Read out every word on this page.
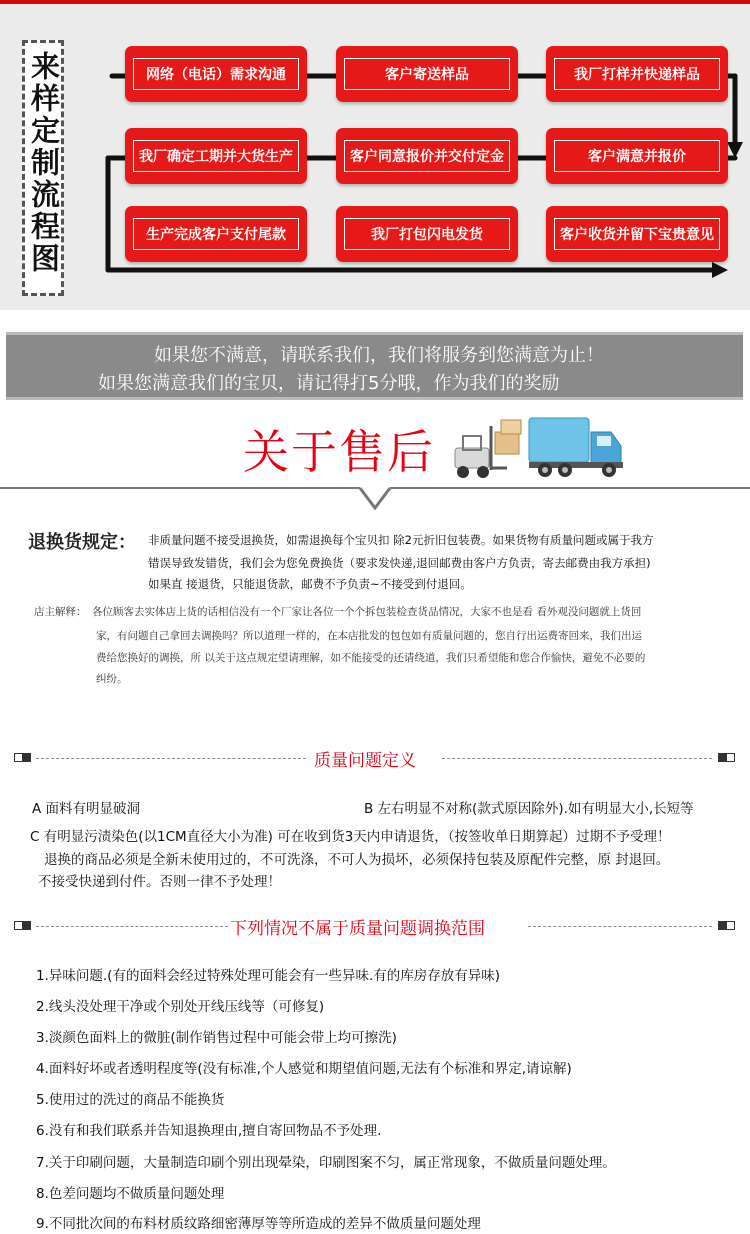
来样定制流程图	网络（电话）需求沟通	客户寄送样品	我厂打样并快递样品
我厂确定工期并大货生产	客户同意报价并交付定金	客户满意并报价
生产完成客户支付尾款	我厂打包闪电发货	客户收货并留下宝贵意见
如果您不满意，请联系我们，我们将服务到您满意为止！
如果您满意我们的宝贝，请记得打5分哦，作为我们的奖励
关于售后
退换货规定： 非质量问题不接受退换货，如需退换每个宝贝扣 除2元折旧包装费。如果货物有质量问题或属于我方
错误导致发错货，我们会为您免费换货（要求发快递,退回邮费由客户方负责，寄去邮费由我方承担)
如果直 接退货，只能退货款，邮费不予负责~不接受到付退回。
店主解释： 各位顾客去实体店上货的话相信没有一个厂家让各位一个个拆包装检查货品情况，大家不也是看 看外观没问题就上货回
家，有问题自己拿回去调换吗？所以道理一样的，在本店批发的包包如有质量问题的，您自行出运费寄回来，我们出运
费给您换好的调换，所 以关于这点规定望请理解，如不能接受的还请绕道，我们只希望能和您合作愉快，避免不必要的
纠纷。
质量问题定义
A 面料有明显破洞	B 左右明显不对称(款式原因除外).如有明显大小,长短等
C 有明显污渍染色(以1CM直径大小为准) 可在收到货3天内申请退货，（按签收单日期算起）过期不予受理！
退换的商品必须是全新未使用过的，不可洗涤，不可人为损坏，必须保持包装及原配件完整，原 封退回。
不接受快递到付件。否则一律不予处理！
下列情况不属于质量问题调换范围
1.异味问题.(有的面料会经过特殊处理可能会有一些异味.有的库房存放有异味)
2.线头没处理干净或个别处开线压线等（可修复)
3.淡颜色面料上的微脏(制作销售过程中可能会带上均可擦洗)
4.面料好坏或者透明程度等(没有标准,个人感觉和期望值问题,无法有个标准和界定,请谅解)
5.使用过的洗过的商品不能换货
6.没有和我们联系并告知退换理由,擅自寄回物品不予处理.
7.关于印刷问题，大量制造印刷个别出现晕染，印刷图案不匀，属正常现象，不做质量问题处理。
8.色差问题均不做质量问题处理
9.不同批次间的布料材质纹路细密薄厚等等所造成的差异不做质量问题处理
